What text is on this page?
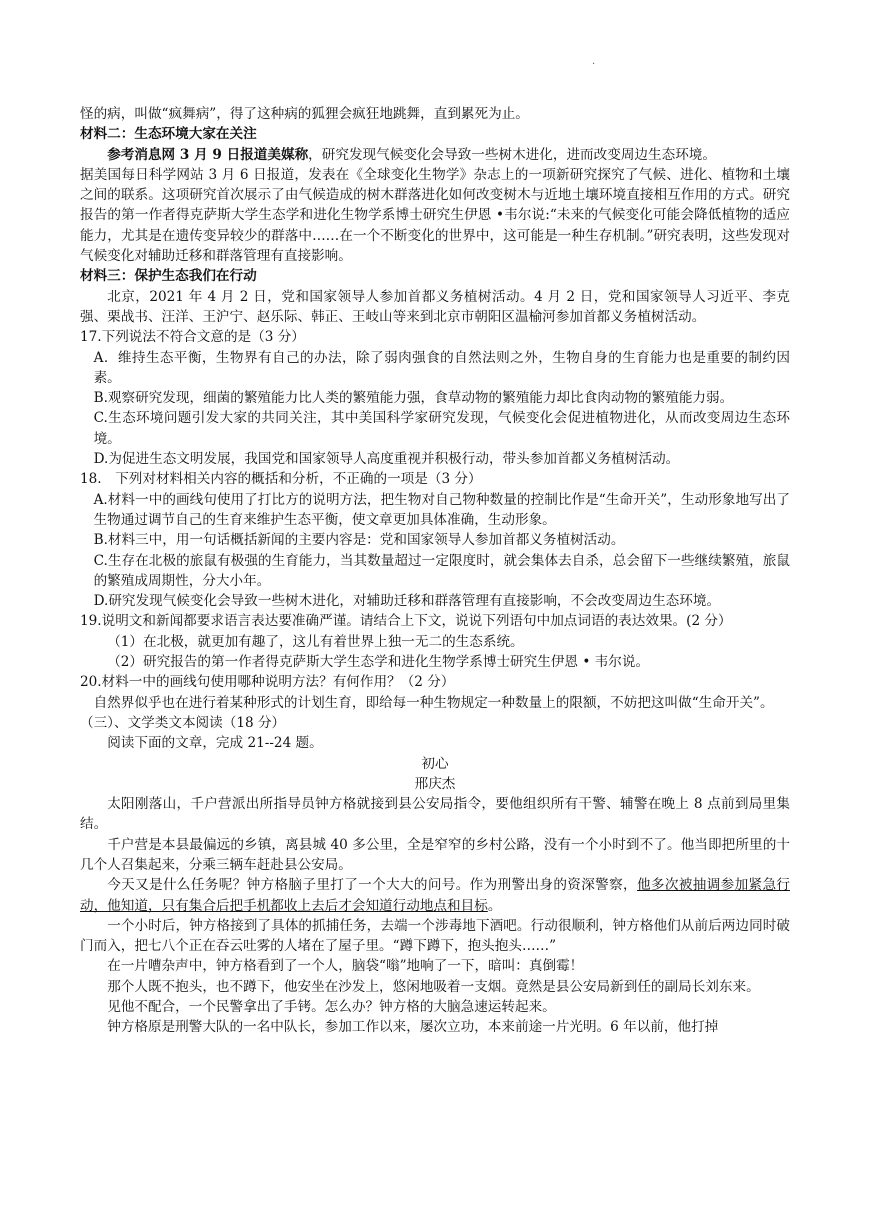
.

怪的病，叫做“疯舞病”，得了这种病的狐狸会疯狂地跳舞，直到累死为止。

材料二：生态环境大家在关注

参考消息网 3 月 9 日报道美媒称，研究发现气候变化会导致一些树木进化，进而改变周边生态环境。

据美国每日科学网站 3 月 6 日报道，发表在《全球变化生物学》杂志上的一项新研究探究了气候、进化、植物和土壤之间的联系。这项研究首次展示了由气候造成的树木群落进化如何改变树木与近地土壤环境直接相互作用的方式。研究报告的第一作者得克萨斯大学生态学和进化生物学系博士研究生伊恩 •韦尔说:“未来的气候变化可能会降低植物的适应能力，尤其是在遗传变异较少的群落中……在一个不断变化的世界中，这可能是一种生存机制。”研究表明，这些发现对气候变化对辅助迁移和群落管理有直接影响。

材料三：保护生态我们在行动

北京，2021 年 4 月 2 日，党和国家领导人参加首都义务植树活动。4 月 2 日，党和国家领导人习近平、李克强、栗战书、汪洋、王沪宁、赵乐际、韩正、王岐山等来到北京市朝阳区温榆河参加首都义务植树活动。

17.下列说法不符合文意的是（3 分）

A．维持生态平衡，生物界有自己的办法，除了弱肉强食的自然法则之外，生物自身的生育能力也是重要的制约因素。

B.观察研究发现，细菌的繁殖能力比人类的繁殖能力强，食草动物的繁殖能力却比食肉动物的繁殖能力弱。

C.生态环境问题引发大家的共同关注，其中美国科学家研究发现，气候变化会促进植物进化，从而改变周边生态环境。

D.为促进生态文明发展，我国党和国家领导人高度重视并积极行动，带头参加首都义务植树活动。

18.　下列对材料相关内容的概括和分析，不正确的一项是（3 分）

A.材料一中的画线句使用了打比方的说明方法，把生物对自己物种数量的控制比作是“生命开关”，生动形象地写出了生物通过调节自己的生育来维护生态平衡，使文章更加具体准确，生动形象。

B.材料三中，用一句话概括新闻的主要内容是：党和国家领导人参加首都义务植树活动。

C.生存在北极的旅鼠有极强的生育能力，当其数量超过一定限度时，就会集体去自杀，总会留下一些继续繁殖，旅鼠的繁殖成周期性，分大小年。

D.研究发现气候变化会导致一些树木进化，对辅助迁移和群落管理有直接影响，不会改变周边生态环境。

19.说明文和新闻都要求语言表达要准确严谨。请结合上下文，说说下列语句中加点词语的表达效果。(2 分）

（1）在北极，就更加有趣了，这儿有着世界上独一无二的生态系统。

（2）研究报告的第一作者得克萨斯大学生态学和进化生物学系博士研究生伊恩 • 韦尔说。

20.材料一中的画线句使用哪种说明方法？有何作用？（2 分）

自然界似乎也在进行着某种形式的计划生育，即给每一种生物规定一种数量上的限额，不妨把这叫做“生命开关”。

（三）、文学类文本阅读（18 分）

阅读下面的文章，完成 21--24 题。

初心

邢庆杰

太阳刚落山，千户营派出所指导员钟方格就接到县公安局指令，要他组织所有干警、辅警在晚上 8 点前到局里集结。

千户营是本县最偏远的乡镇，离县城 40 多公里，全是窄窄的乡村公路，没有一个小时到不了。他当即把所里的十几个人召集起来，分乘三辆车赶赴县公安局。

今天又是什么任务呢？钟方格脑子里打了一个大大的问号。作为刑警出身的资深警察，他多次被抽调参加紧急行动，他知道，只有集合后把手机都收上去后才会知道行动地点和目标。

一个小时后，钟方格接到了具体的抓捕任务，去端一个涉毒地下酒吧。行动很顺利，钟方格他们从前后两边同时破门而入，把七八个正在吞云吐雾的人堵在了屋子里。“蹲下蹲下，抱头抱头……”

在一片嘈杂声中，钟方格看到了一个人，脑袋“嗡”地响了一下，暗叫：真倒霉！

那个人既不抱头，也不蹲下，他安坐在沙发上，悠闲地吸着一支烟。竟然是县公安局新到任的副局长刘东来。

见他不配合，一个民警拿出了手铐。怎么办？钟方格的大脑急速运转起来。

钟方格原是刑警大队的一名中队长，参加工作以来，屡次立功，本来前途一片光明。6 年以前，他打掉
